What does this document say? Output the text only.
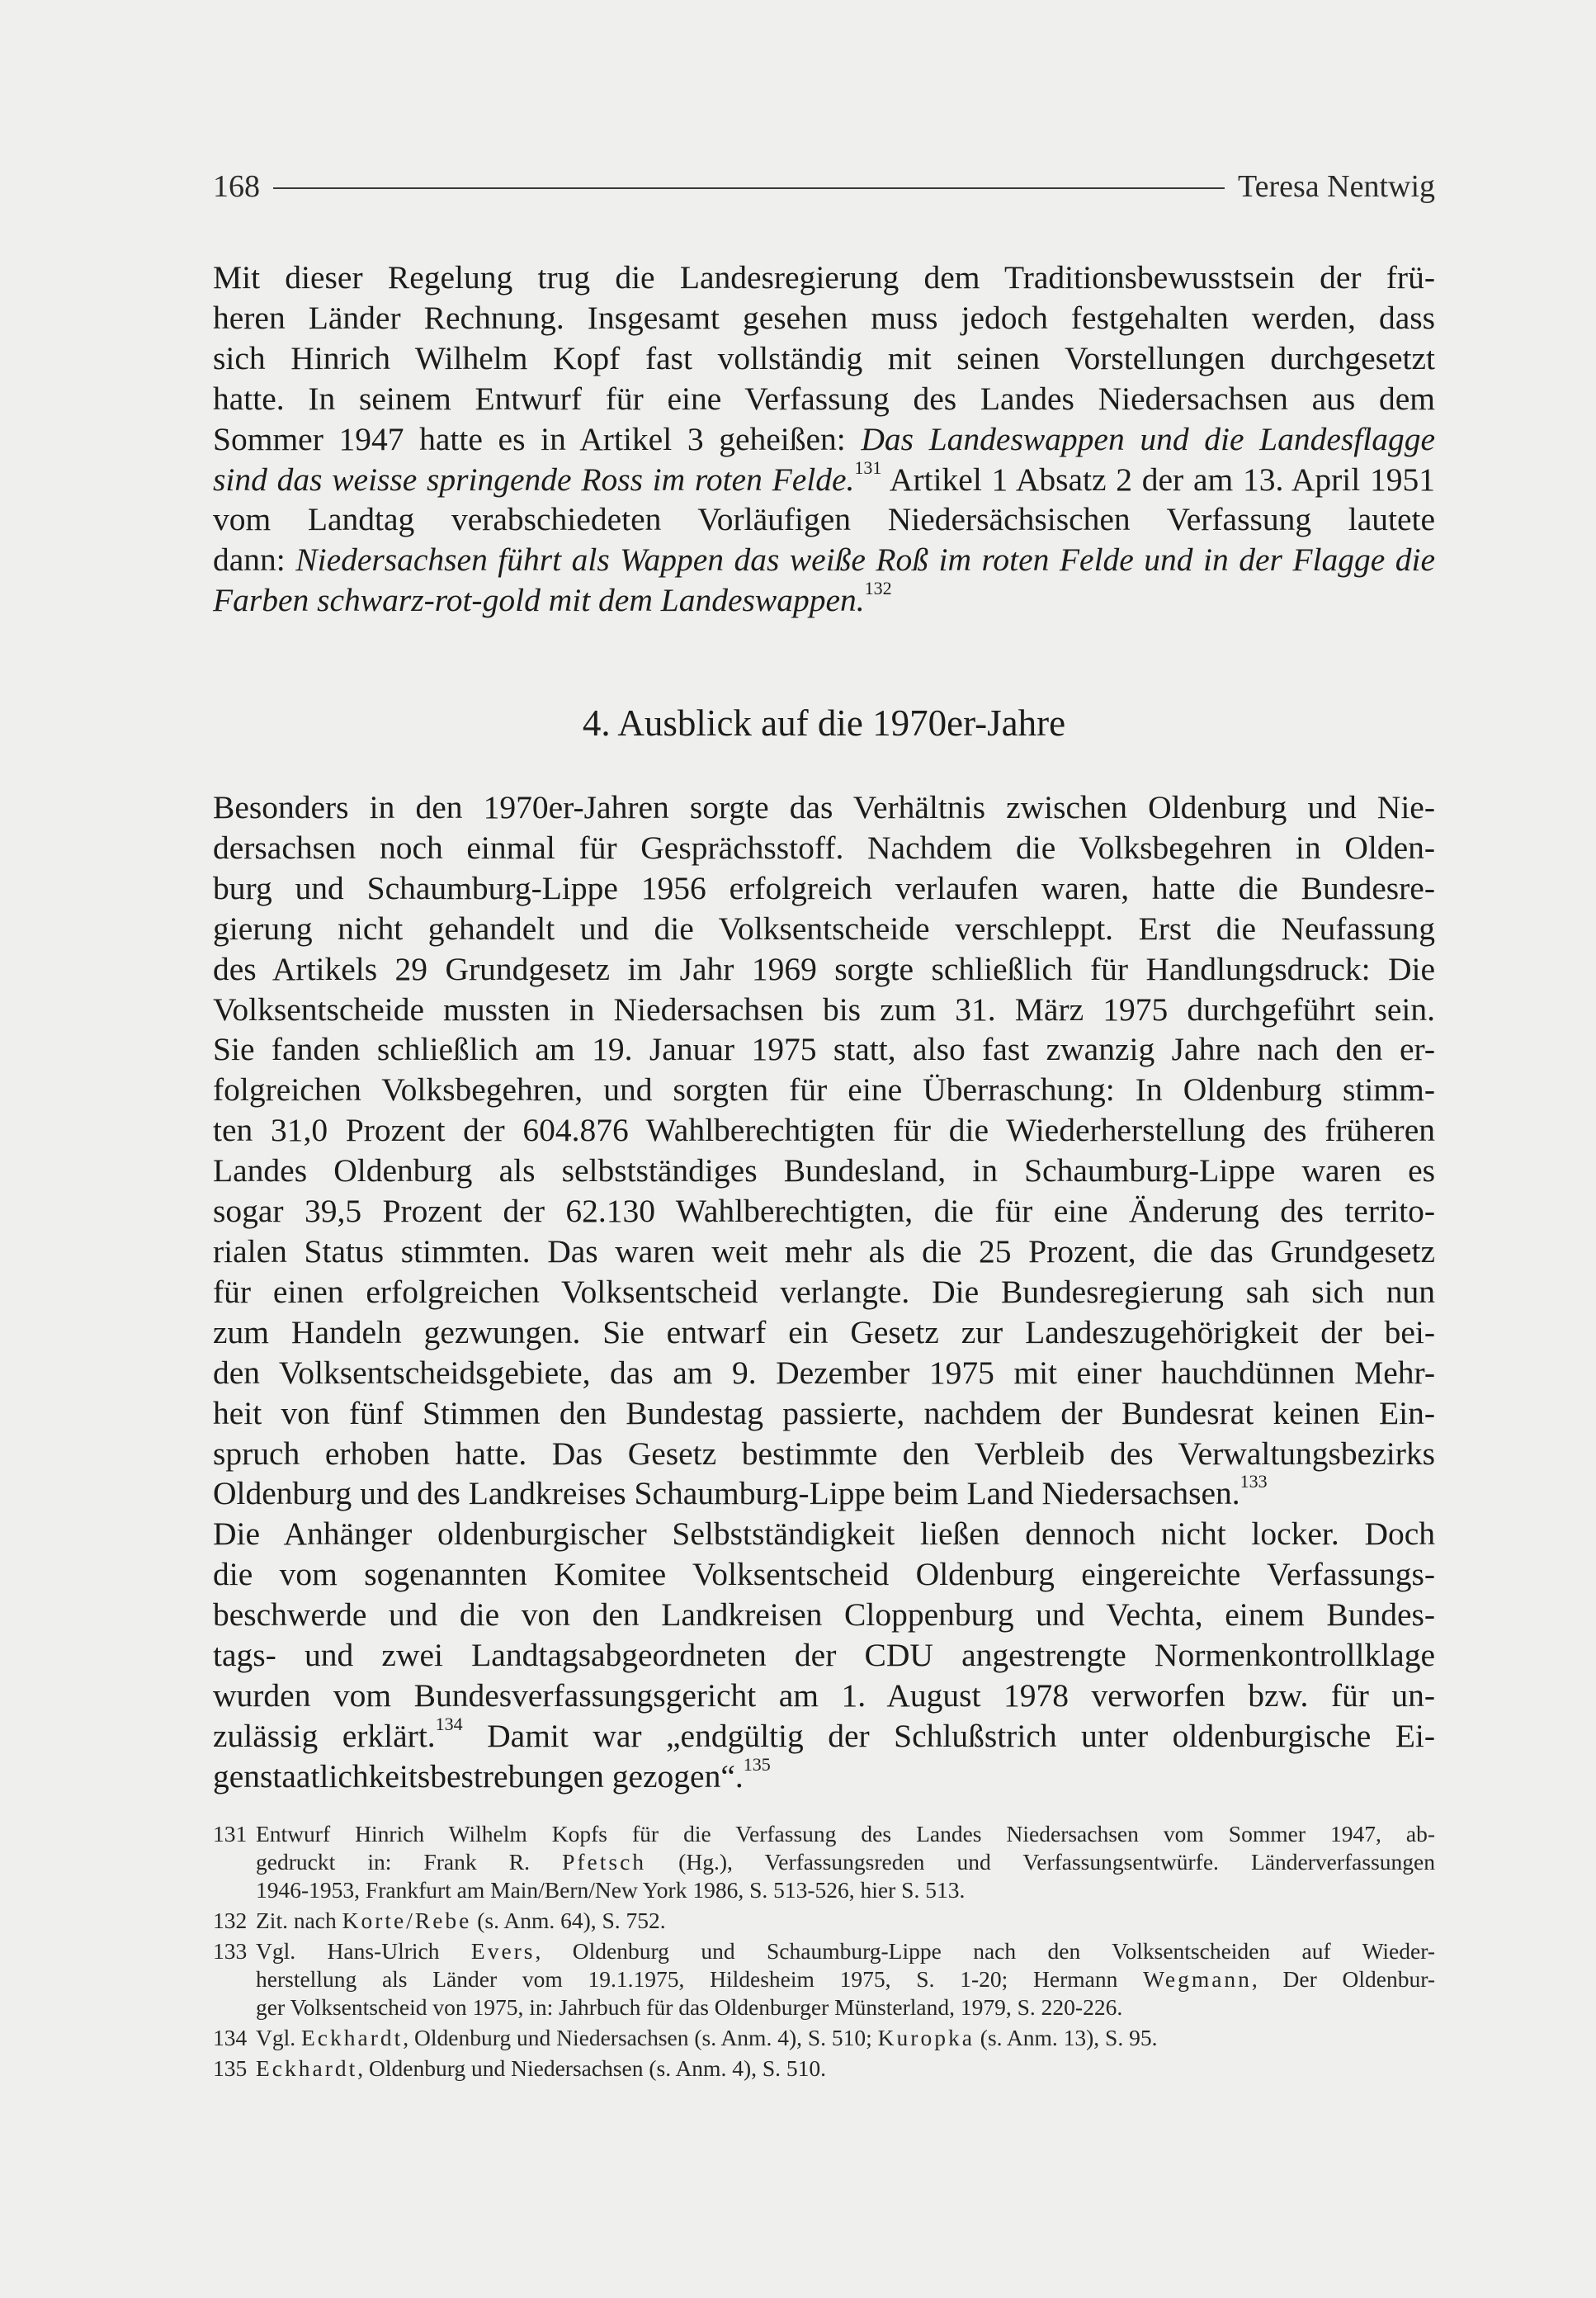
168	Teresa Nentwig
Mit dieser Regelung trug die Landesregierung dem Traditionsbewusstsein der frü-
heren Länder Rechnung. Insgesamt gesehen muss jedoch festgehalten werden, dass
sich Hinrich Wilhelm Kopf fast vollständig mit seinen Vorstellungen durchgesetzt
hatte. In seinem Entwurf für eine Verfassung des Landes Niedersachsen aus dem
Sommer 1947 hatte es in Artikel 3 geheißen: Das Landeswappen und die Landesflagge
sind das weisse springende Ross im roten Felde.$^{131}$ Artikel 1 Absatz 2 der am 13. April 1951
vom Landtag verabschiedeten Vorläufigen Niedersächsischen Verfassung lautete
dann: Niedersachsen führt als Wappen das weiße Roß im roten Felde und in der Flagge die
Farben schwarz-rot-gold mit dem Landeswappen.$^{132}$
4. Ausblick auf die 1970er-Jahre
Besonders in den 1970er-Jahren sorgte das Verhältnis zwischen Oldenburg und Nie-
dersachsen noch einmal für Gesprächsstoff. Nachdem die Volksbegehren in Olden-
burg und Schaumburg-Lippe 1956 erfolgreich verlaufen waren, hatte die Bundesre-
gierung nicht gehandelt und die Volksentscheide verschleppt. Erst die Neufassung
des Artikels 29 Grundgesetz im Jahr 1969 sorgte schließlich für Handlungsdruck: Die
Volksentscheide mussten in Niedersachsen bis zum 31. März 1975 durchgeführt sein.
Sie fanden schließlich am 19. Januar 1975 statt, also fast zwanzig Jahre nach den er-
folgreichen Volksbegehren, und sorgten für eine Überraschung: In Oldenburg stimm-
ten 31,0 Prozent der 604.876 Wahlberechtigten für die Wiederherstellung des früheren
Landes Oldenburg als selbstständiges Bundesland, in Schaumburg-Lippe waren es
sogar 39,5 Prozent der 62.130 Wahlberechtigten, die für eine Änderung des territo-
rialen Status stimmten. Das waren weit mehr als die 25 Prozent, die das Grundgesetz
für einen erfolgreichen Volksentscheid verlangte. Die Bundesregierung sah sich nun
zum Handeln gezwungen. Sie entwarf ein Gesetz zur Landeszugehörigkeit der bei-
den Volksentscheidsgebiete, das am 9. Dezember 1975 mit einer hauchdünnen Mehr-
heit von fünf Stimmen den Bundestag passierte, nachdem der Bundesrat keinen Ein-
spruch erhoben hatte. Das Gesetz bestimmte den Verbleib des Verwaltungsbezirks
Oldenburg und des Landkreises Schaumburg-Lippe beim Land Niedersachsen.$^{133}$
Die Anhänger oldenburgischer Selbstständigkeit ließen dennoch nicht locker. Doch
die vom sogenannten Komitee Volksentscheid Oldenburg eingereichte Verfassungs-
beschwerde und die von den Landkreisen Cloppenburg und Vechta, einem Bundes-
tags- und zwei Landtagsabgeordneten der CDU angestrengte Normenkontrollklage
wurden vom Bundesverfassungsgericht am 1. August 1978 verworfen bzw. für un-
zulässig erklärt.$^{134}$ Damit war „endgültig der Schlußstrich unter oldenburgische Ei-
genstaatlichkeitsbestrebungen gezogen“.$^{135}$
131 Entwurf Hinrich Wilhelm Kopfs für die Verfassung des Landes Niedersachsen vom Sommer 1947, ab-
gedruckt in: Frank R. Pfetsch (Hg.), Verfassungsreden und Verfassungsentwürfe. Länderverfassungen
1946-1953, Frankfurt am Main/Bern/New York 1986, S. 513-526, hier S. 513.
132 Zit. nach Korte/Rebe (s. Anm. 64), S. 752.
133 Vgl. Hans-Ulrich Evers, Oldenburg und Schaumburg-Lippe nach den Volksentscheiden auf Wieder-
herstellung als Länder vom 19.1.1975, Hildesheim 1975, S. 1-20; Hermann Wegmann, Der Oldenbur-
ger Volksentscheid von 1975, in: Jahrbuch für das Oldenburger Münsterland, 1979, S. 220-226.
134 Vgl. Eckhardt, Oldenburg und Niedersachsen (s. Anm. 4), S. 510; Kuropka (s. Anm. 13), S. 95.
135 Eckhardt, Oldenburg und Niedersachsen (s. Anm. 4), S. 510.
